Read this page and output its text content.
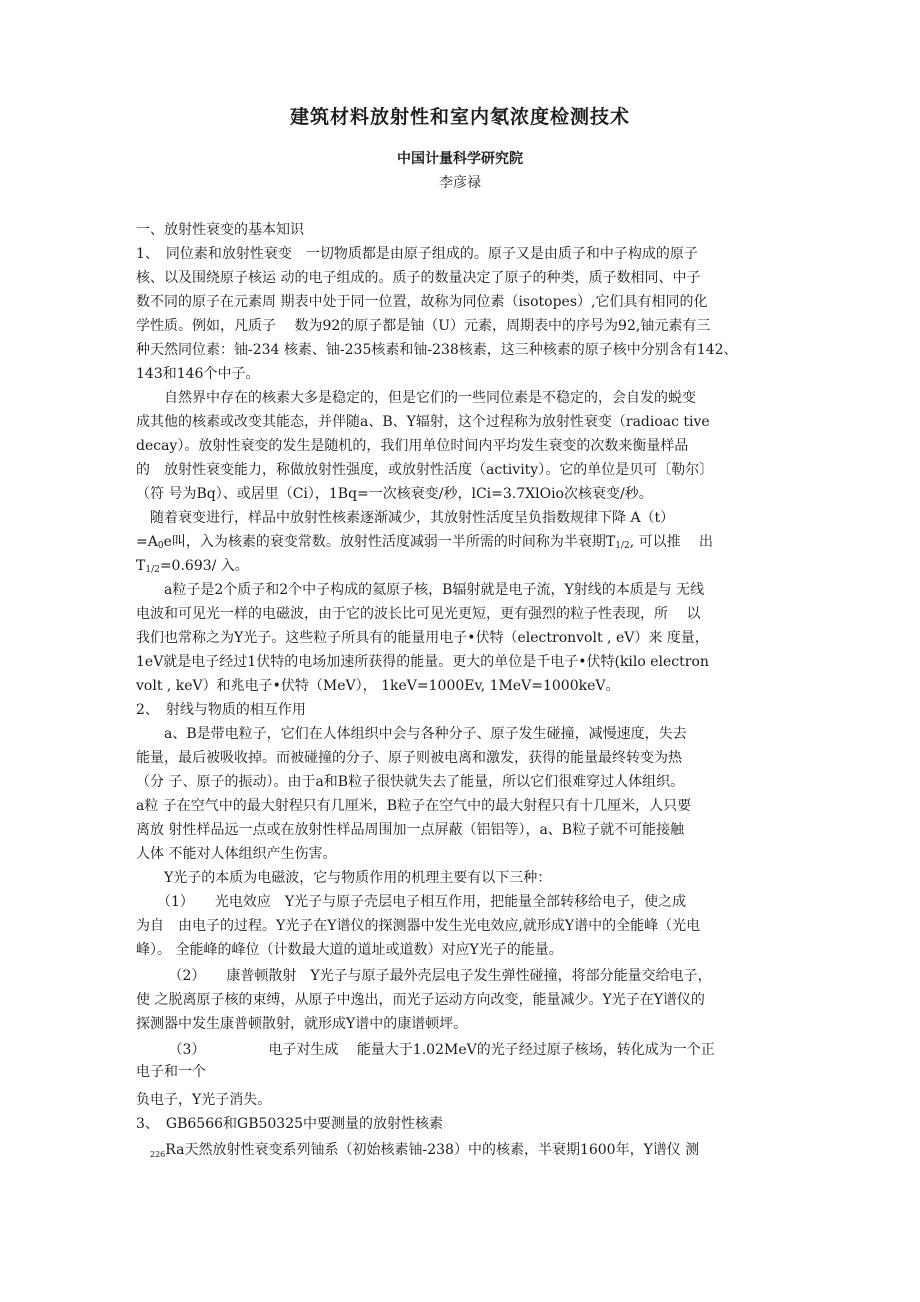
建筑材料放射性和室内氡浓度检测技术
中国计量科学研究院
李彦禄
一、放射性衰变的基本知识
1、　同位素和放射性衰变　一切物质都是由原子组成的。原子又是由质子和中子构成的原子
核、以及围绕原子核运 动的电子组成的。质子的数量决定了原子的种类，质子数相同、中子
数不同的原子在元素周 期表中处于同一位置，故称为同位素（isotopes）,它们具有相同的化
学性质。例如，凡质子　 数为92的原子都是铀（U）元素，周期表中的序号为92,铀元素有三
种天然同位素：铀-234 核素、铀-235核素和铀-238核素，这三种核素的原子核中分别含有142、
143和146个中子。
　　自然界中存在的核素大多是稳定的，但是它们的一些同位素是不稳定的，会自发的蜕变
成其他的核素或改变其能态，并伴随a、B、Y辐射，这个过程称为放射性衰变（radioac tive
decay）。放射性衰变的发生是随机的，我们用单位时间内平均发生衰变的次数来衡量样品
的　放射性衰变能力，称做放射性强度，或放射性活度（activity）。它的单位是贝可〔勒尔〕
（符 号为Bq）、或居里（Ci），1Bq=一次核衰变/秒，lCi=3.7XlOio次核衰变/秒。
　随着衰变进行，样品中放射性核素逐渐减少，其放射性活度呈负指数规律下降 A（t）
$=A_0e$叫，入为核素的衰变常数。放射性活度减弱一半所需的时间称为半衰期$T_{1/2}$, 可以推　 出
$T_{1/2}=0.693/$ 入。
　　a粒子是2个质子和2个中子构成的氦原子核，B辐射就是电子流，Y射线的本质是与 无线
电波和可见光一样的电磁波，由于它的波长比可见光更短，更有强烈的粒子性表现，所　 以
我们也常称之为Y光子。这些粒子所具有的能量用电子•伏特（electronvolt , eV）来 度量，
1eV就是电子经过1伏特的电场加速所获得的能量。更大的单位是千电子•伏特(kilo electron
volt , keV）和兆电子•伏特（MeV）， 1keV=1000Ev, 1MeV=1000keV。
2、　射线与物质的相互作用
　　a、B是带电粒子，它们在人体组织中会与各种分子、原子发生碰撞，减慢速度，失去
能量，最后被吸收掉。而被碰撞的分子、原子则被电离和激发，获得的能量最终转变为热
（分 子、原子的振动）。由于a和B粒子很快就失去了能量，所以它们很难穿过人体组织。
a粒 子在空气中的最大射程只有几厘米，B粒子在空气中的最大射程只有十几厘米，人只要
离放 射性样品远一点或在放射性样品周围加一点屏蔽（铝铝等），a、B粒子就不可能接触
人体 不能对人体组织产生伤害。
　　Y光子的本质为电磁波，它与物质作用的机理主要有以下三种：
　　（1）　　光电效应　Y光子与原子壳层电子相互作用，把能量全部转移给电子，使之成
为自　由电子的过程。Y光子在Y谱仪的探测器中发生光电效应,就形成Y谱中的全能峰（光电
峰）。 全能峰的峰位（计数最大道的道址或道数）对应Y光子的能量。
　　 （2）　　康普顿散射　Y光子与原子最外壳层电子发生弹性碰撞，将部分能量交给电子，
使 之脱离原子核的束缚，从原子中逸出，而光子运动方向改变，能量减少。Y光子在Y谱仪的
探测器中发生康普顿散射，就形成Y谱中的康谱顿坪。
　　 （3）　　　　　电子对生成　 能量大于1.02MeV的光子经过原子核场，转化成为一个正
电子和一个
负电子，Y光子消失。
3、　GB6566和GB50325中要测量的放射性核素
　$_{226}$Ra天然放射性衰变系列铀系（初始核素铀-238）中的核素，半衰期1600年，Y谱仪 测
